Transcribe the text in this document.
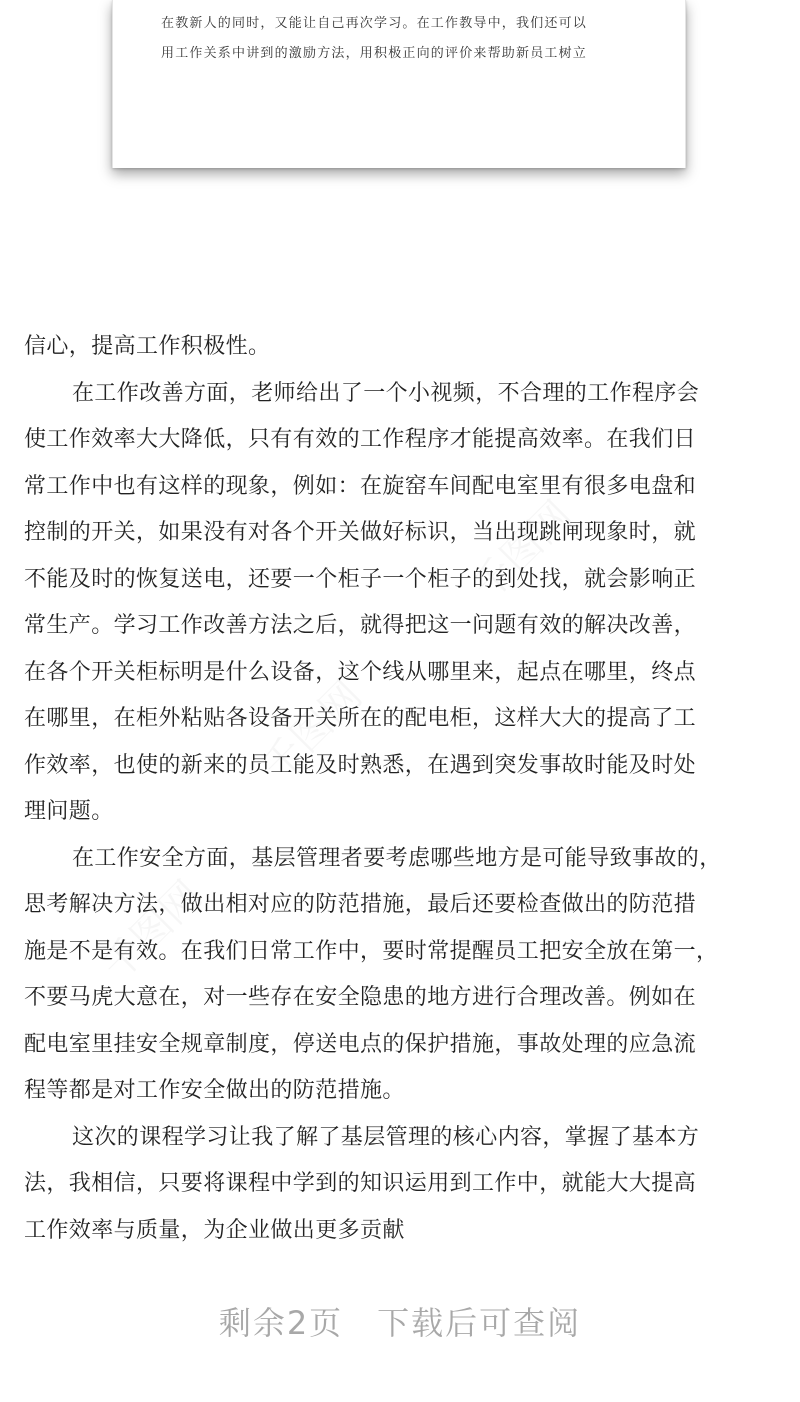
在教新人的同时，又能让自己再次学习。在工作教导中，我们还可以
用工作关系中讲到的激励方法，用积极正向的评价来帮助新员工树立
信心，提高工作积极性。
在工作改善方面，老师给出了一个小视频，不合理的工作程序会
使工作效率大大降低，只有有效的工作程序才能提高效率。在我们日
常工作中也有这样的现象，例如：在旋窑车间配电室里有很多电盘和
控制的开关，如果没有对各个开关做好标识，当出现跳闸现象时，就
不能及时的恢复送电，还要一个柜子一个柜子的到处找，就会影响正
常生产。学习工作改善方法之后，就得把这一问题有效的解决改善，
在各个开关柜标明是什么设备，这个线从哪里来，起点在哪里，终点
在哪里，在柜外粘贴各设备开关所在的配电柜，这样大大的提高了工
作效率，也使的新来的员工能及时熟悉，在遇到突发事故时能及时处
理问题。
在工作安全方面，基层管理者要考虑哪些地方是可能导致事故的，
思考解决方法，做出相对应的防范措施，最后还要检查做出的防范措
施是不是有效。在我们日常工作中，要时常提醒员工把安全放在第一，
不要马虎大意在，对一些存在安全隐患的地方进行合理改善。例如在
配电室里挂安全规章制度，停送电点的保护措施，事故处理的应急流
程等都是对工作安全做出的防范措施。
这次的课程学习让我了解了基层管理的核心内容，掌握了基本方
法，我相信，只要将课程中学到的知识运用到工作中，就能大大提高
工作效率与质量，为企业做出更多贡献
剩余2页　下载后可查阅
